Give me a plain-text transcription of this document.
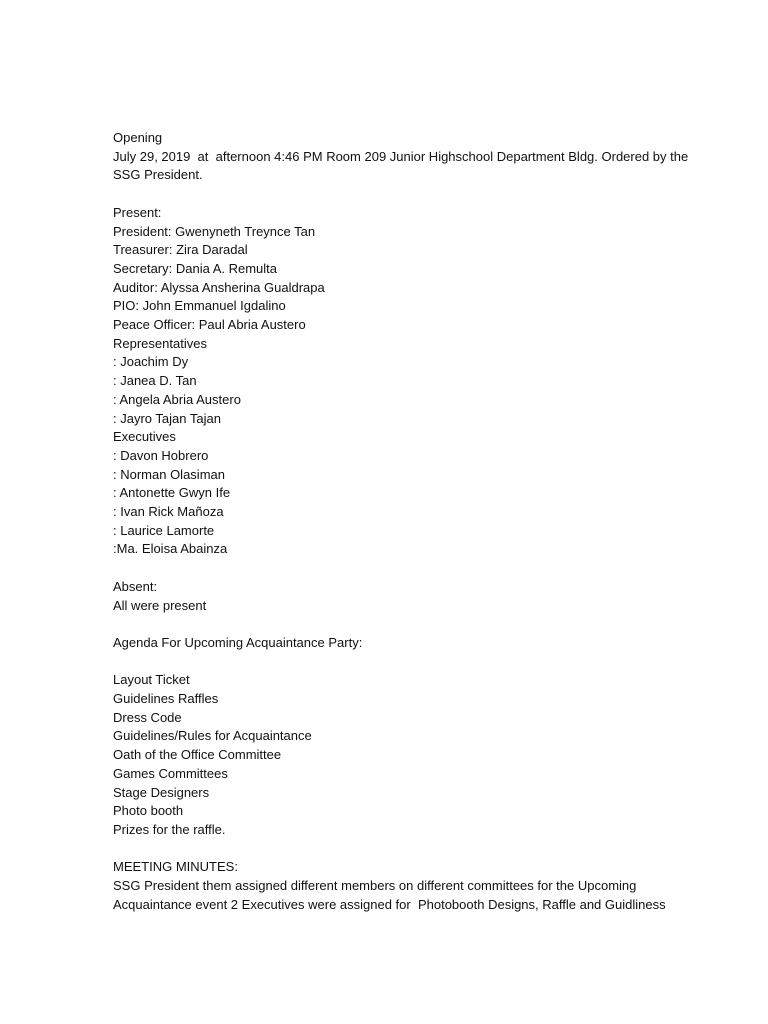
Opening
July 29, 2019  at  afternoon 4:46 PM Room 209 Junior Highschool Department Bldg. Ordered by the
SSG President.
Present:
President: Gwenyneth Treynce Tan
Treasurer: Zira Daradal
Secretary: Dania A. Remulta
Auditor: Alyssa Ansherina Gualdrapa
PIO: John Emmanuel Igdalino
Peace Officer: Paul Abria Austero
Representatives
: Joachim Dy
: Janea D. Tan
: Angela Abria Austero
: Jayro Tajan Tajan
Executives
: Davon Hobrero
: Norman Olasiman
: Antonette Gwyn Ife
: Ivan Rick Mañoza
: Laurice Lamorte
:Ma. Eloisa Abainza
Absent:
All were present
Agenda For Upcoming Acquaintance Party:
Layout Ticket
Guidelines Raffles
Dress Code
Guidelines/Rules for Acquaintance
Oath of the Office Committee
Games Committees
Stage Designers
Photo booth
Prizes for the raffle.
MEETING MINUTES:
SSG President them assigned different members on different committees for the Upcoming
Acquaintance event 2 Executives were assigned for  Photobooth Designs, Raffle and Guidliness
